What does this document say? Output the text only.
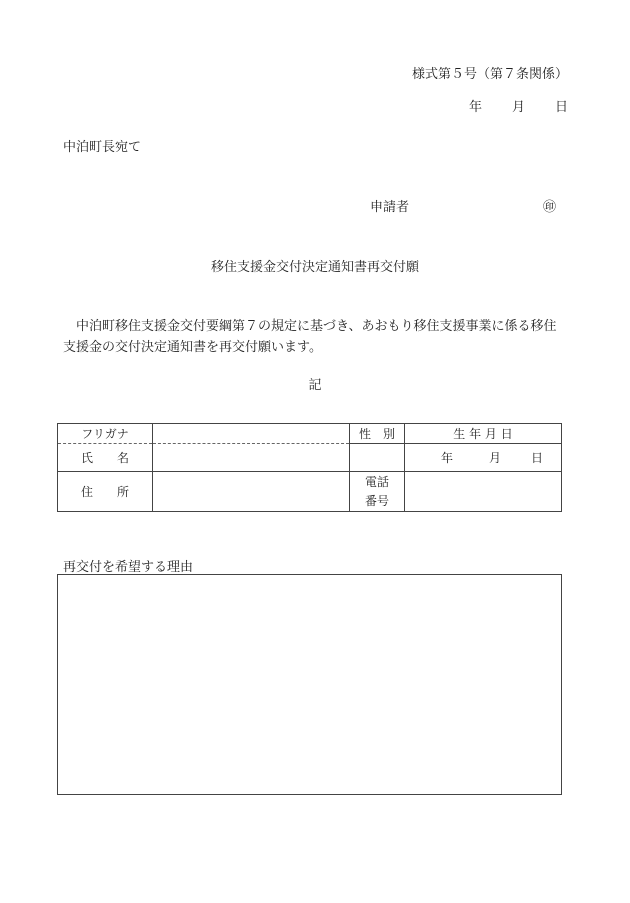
様式第５号（第７条関係）
年 月 日
中泊町長宛て
申請者	㊞
移住支援金交付決定通知書再交付願
中泊町移住支援金交付要綱第７の規定に基づき、あおもり移住支援事業に係る移住支援金の交付決定通知書を再交付願います。
記
フリガナ		性　別	生 年 月 日
氏　　名			年 月 日
住　　所		電話
番号	

再交付を希望する理由
